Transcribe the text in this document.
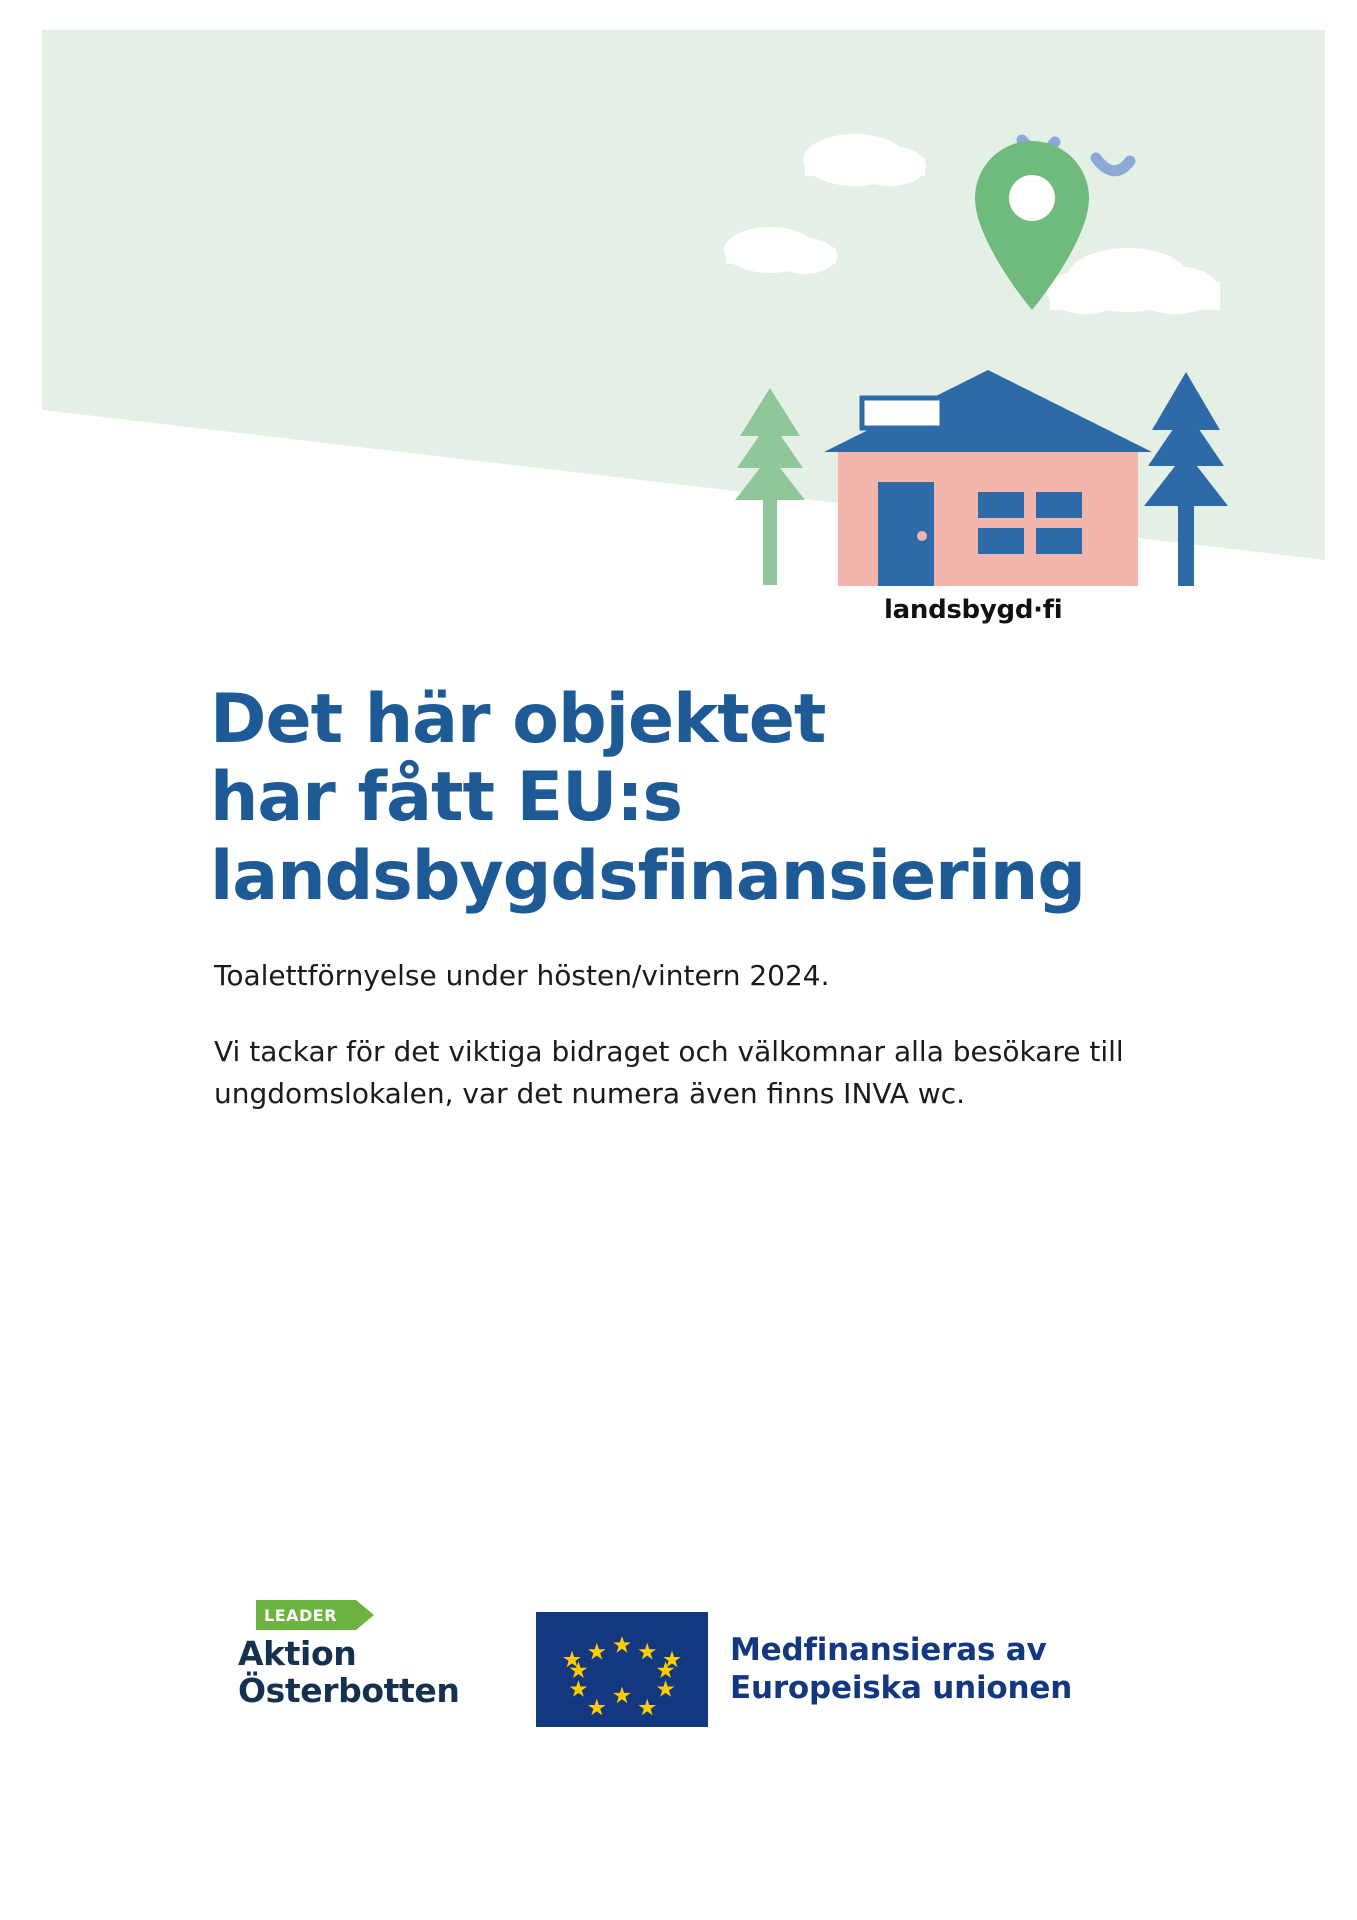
landsbygd·fi
Det här objektet
har fått EU:s
landsbygdsfinansiering

Toalettförnyelse under hösten/vintern 2024.

Vi tackar för det viktiga bidraget och välkomnar alla besökare till ungdomslokalen, var det numera även finns INVA wc.

LEADER
Aktion
Österbotten
Medfinansieras av
Europeiska unionen
